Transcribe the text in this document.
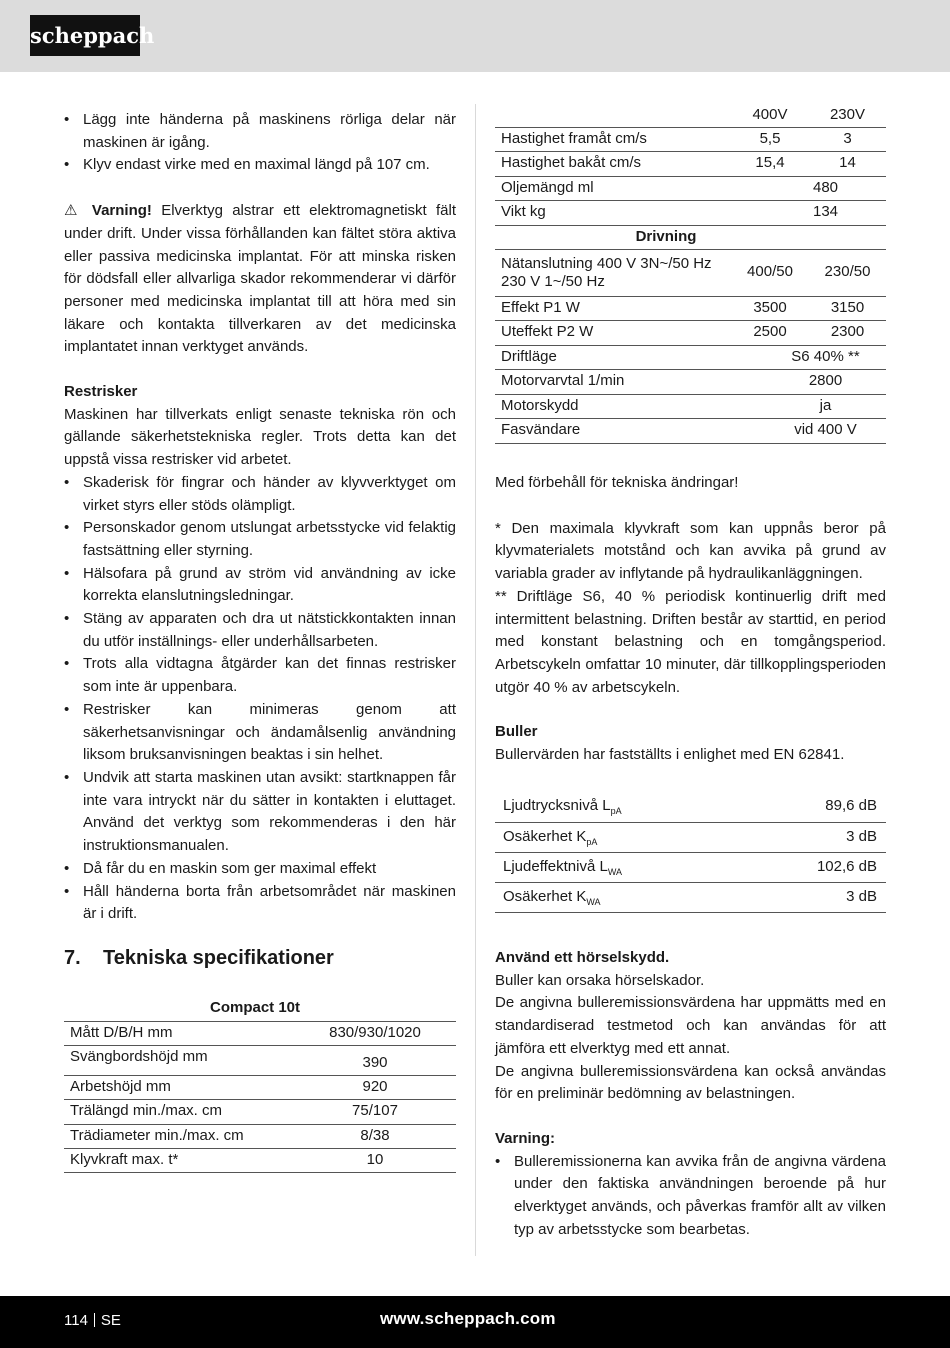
scheppach
• Lägg inte händerna på maskinens rörliga delar när maskinen är igång.
• Klyv endast virke med en maximal längd på 107 cm.

⚠ Varning! Elverktyg alstrar ett elektromagnetiskt fält under drift. Under vissa förhållanden kan fältet störa aktiva eller passiva medicinska implantat. För att minska risken för dödsfall eller allvarliga skador rekommenderar vi därför personer med medicinska implantat till att höra med sin läkare och kontakta tillverkaren av det medicinska implantatet innan verktyget används.

Restrisker

Maskinen har tillverkats enligt senaste tekniska rön och gällande säkerhetstekniska regler. Trots detta kan det uppstå vissa restrisker vid arbetet.

• Skaderisk för fingrar och händer av klyvverktyget om virket styrs eller stöds olämpligt.
• Personskador genom utslungat arbetsstycke vid felaktig fastsättning eller styrning.
• Hälsofara på grund av ström vid användning av icke korrekta elanslutningsledningar.
• Stäng av apparaten och dra ut nätstickkontakten innan du utför inställnings- eller underhållsarbeten.
• Trots alla vidtagna åtgärder kan det finnas restrisker som inte är uppenbara.
• Restrisker kan minimeras genom att säkerhetsanvisningar och ändamålsenlig användning liksom bruksanvisningen beaktas i sin helhet.
• Undvik att starta maskinen utan avsikt: startknappen får inte vara intryckt när du sätter in kontakten i eluttaget. Använd det verktyg som rekommenderas i den här instruktionsmanualen.
• Då får du en maskin som ger maximal effekt
• Håll händerna borta från arbetsområdet när maskinen är i drift.
7. Tekniska specifikationer
	Compact 10t
Mått D/B/H mm	830/930/1020
Svängbordshöjd mm	390
Arbetshöjd mm	920
Trälängd min./max. cm	75/107
Trädiameter min./max. cm	8/38
Klyvkraft max. t*	10
	400V	230V
Hastighet framåt cm/s	5,5	3
Hastighet bakåt cm/s	15,4	14
Oljemängd ml	480	
Vikt kg	134	
Drivning		
Nätanslutning 400 V 3N~/50 Hz
230 V 1~/50 Hz	400/50	230/50
Effekt P1 W	3500	3150
Uteffekt P2 W	2500	2300
Driftläge	S6 40% **	
Motorvarvtal 1/min	2800	
Motorskydd	ja	
Fasvändare	vid 400 V	

Med förbehåll för tekniska ändringar!

* Den maximala klyvkraft som kan uppnås beror på klyvmaterialets motstånd och kan avvika på grund av variabla grader av inflytande på hydraulikanläggningen.

** Driftläge S6, 40 % periodisk kontinuerlig drift med intermittent belastning. Driften består av starttid, en period med konstant belastning och en tomgångsperiod. Arbetscykeln omfattar 10 minuter, där tillkopplingsperioden utgör 40 % av arbetscykeln.

Buller

Bullervärden har fastställts i enlighet med EN 62841.

Ljudtrycksnivå $L_{pA}$	89,6 dB
Osäkerhet $K_{pA}$	3 dB
Ljudeffektnivå $L_{WA}$	102,6 dB
Osäkerhet $K_{WA}$	3 dB

Använd ett hörselskydd.

Buller kan orsaka hörselskador.

De angivna bulleremissionsvärdena har uppmätts med en standardiserad testmetod och kan användas för att jämföra ett elverktyg med ett annat.

De angivna bulleremissionsvärdena kan också användas för en preliminär bedömning av belastningen.

Varning:

• Bulleremissionerna kan avvika från de angivna värdena under den faktiska användningen beroende på hur elverktyget används, och påverkas framför allt av vilken typ av arbetsstycke som bearbetas.
114 SE	www.scheppach.com
